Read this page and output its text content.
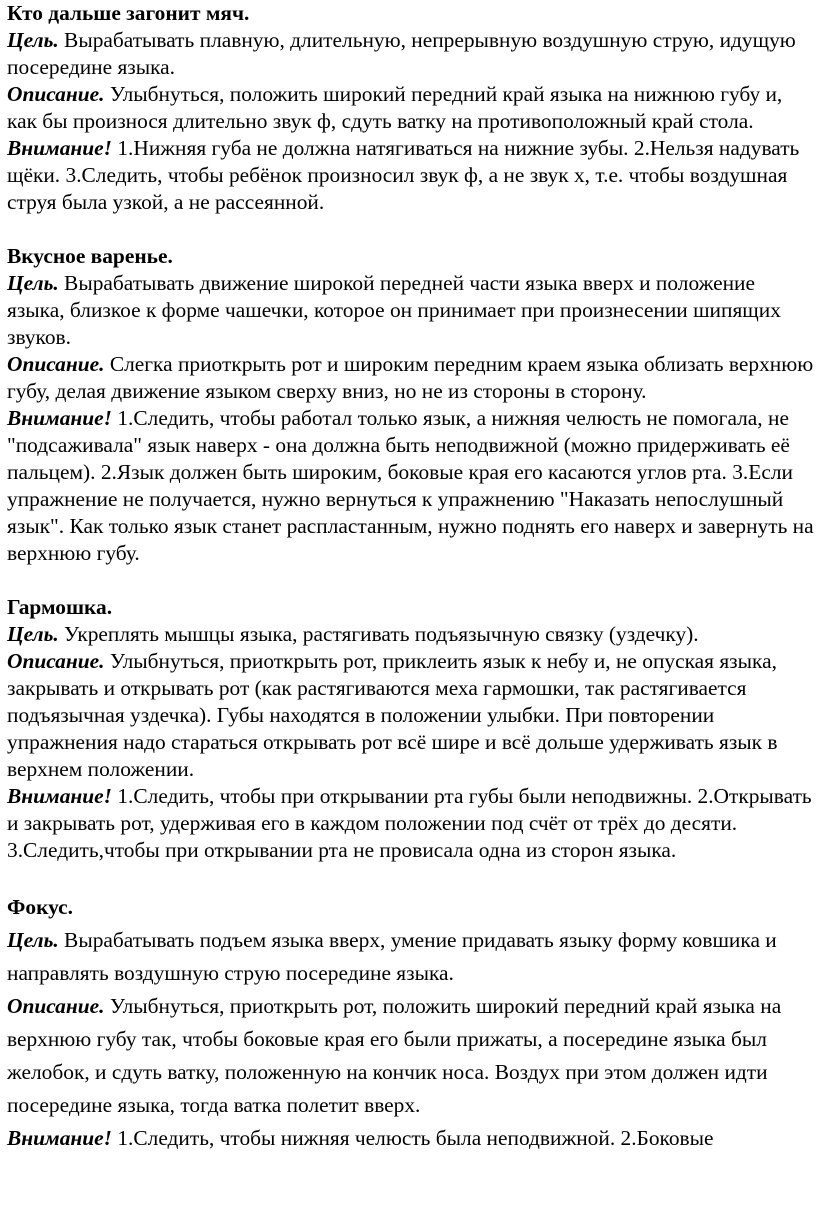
Кто дальше загонит мяч.

Цель. Вырабатывать плавную, длительную, непрерывную воздушную струю, идущую посередине языка.

Описание. Улыбнуться, положить широкий передний край языка на нижнюю губу и, как бы произнося длительно звук ф, сдуть ватку на противоположный край стола.

Внимание! 1.Нижняя губа не должна натягиваться на нижние зубы. 2.Нельзя надувать щёки. 3.Следить, чтобы ребёнок произносил звук ф, а не звук х, т.е. чтобы воздушная струя была узкой, а не рассеянной.

Вкусное варенье.

Цель. Вырабатывать движение широкой передней части языка вверх и положение языка, близкое к форме чашечки, которое он принимает при произнесении шипящих звуков.

Описание. Слегка приоткрыть рот и широким передним краем языка облизать верхнюю губу, делая движение языком сверху вниз, но не из стороны в сторону.

Внимание! 1.Следить, чтобы работал только язык, а нижняя челюсть не помогала, не "подсаживала" язык наверх - она должна быть неподвижной (можно придерживать её пальцем). 2.Язык должен быть широким, боковые края его касаются углов рта. 3.Если упражнение не получается, нужно вернуться к упражнению "Наказать непослушный язык". Как только язык станет распластанным, нужно поднять его наверх и завернуть на верхнюю губу.

Гармошка.

Цель. Укреплять мышцы языка, растягивать подъязычную связку (уздечку).

Описание. Улыбнуться, приоткрыть рот, приклеить язык к небу и, не опуская языка, закрывать и открывать рот (как растягиваются меха гармошки, так растягивается подъязычная уздечка). Губы находятся в положении улыбки. При повторении упражнения надо стараться открывать рот всё шире и всё дольше удерживать язык в верхнем положении.

Внимание! 1.Следить, чтобы при открывании рта губы были неподвижны. 2.Открывать и закрывать рот, удерживая его в каждом положении под счёт от трёх до десяти. 3.Следить,чтобы при открывании рта не провисала одна из сторон языка.

Фокус.

Цель. Вырабатывать подъем языка вверх, умение придавать языку форму ковшика и направлять воздушную струю посередине языка.

Описание. Улыбнуться, приоткрыть рот, положить широкий передний край языка на верхнюю губу так, чтобы боковые края его были прижаты, а посередине языка был желобок, и сдуть ватку, положенную на кончик носа. Воздух при этом должен идти посередине языка, тогда ватка полетит вверх.

Внимание! 1.Следить, чтобы нижняя челюсть была неподвижной. 2.Боковые
